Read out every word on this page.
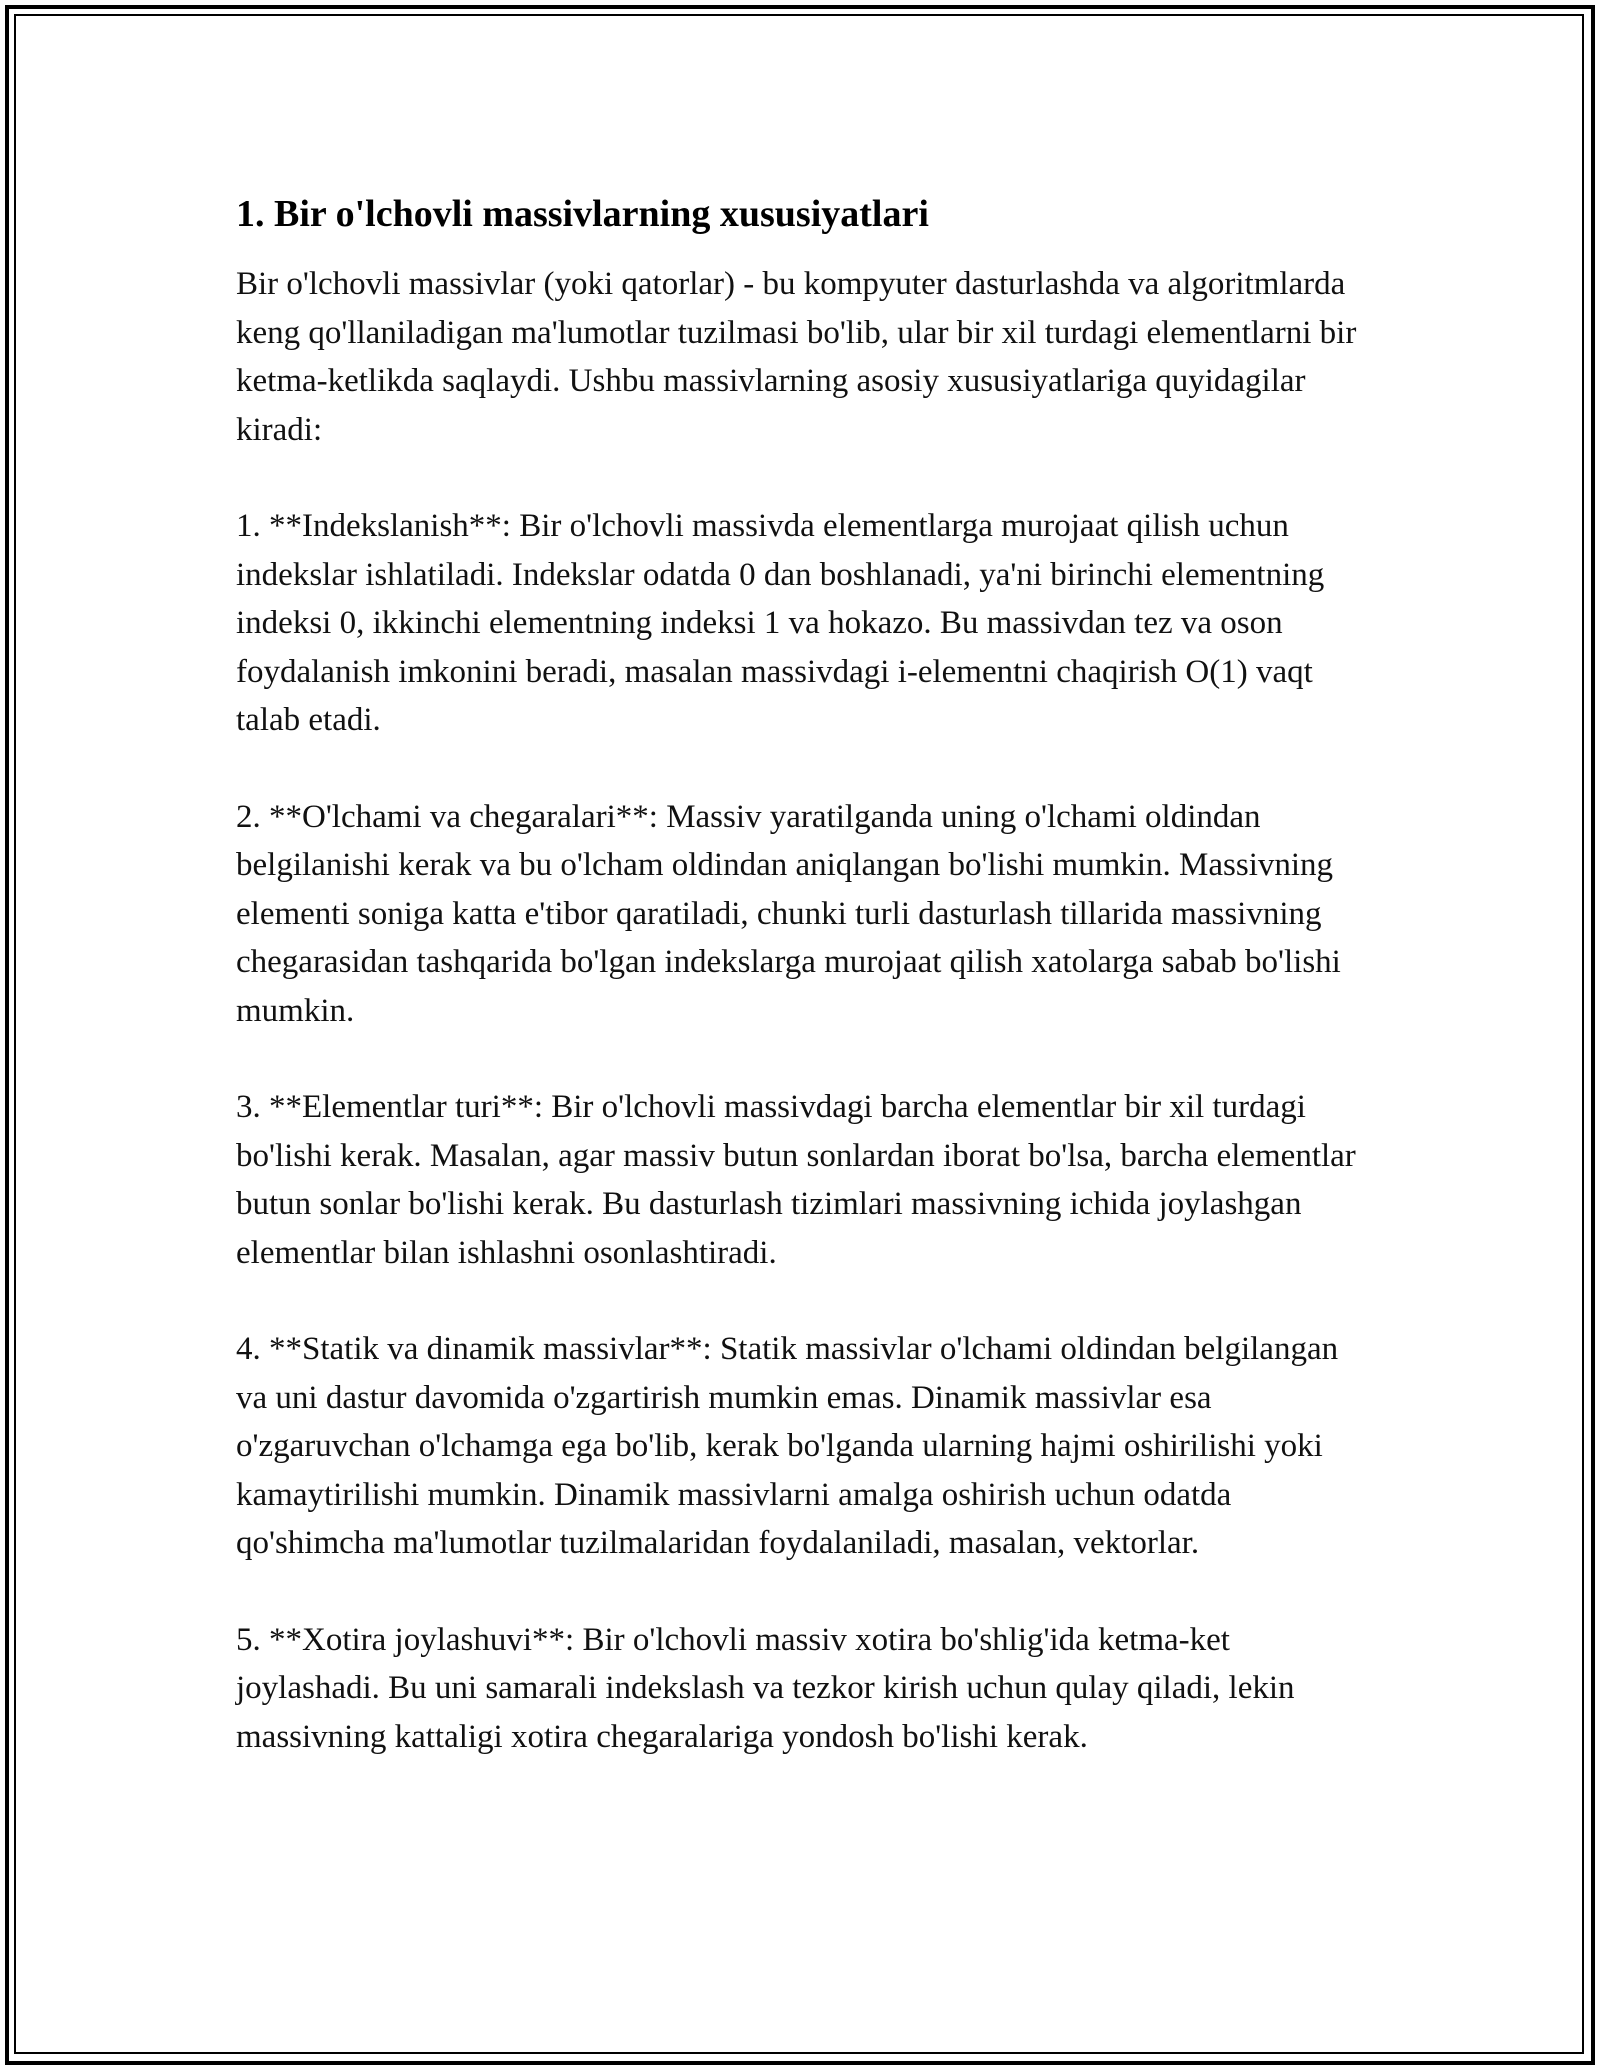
1. Bir o'lchovli massivlarning xususiyatlari

Bir o'lchovli massivlar (yoki qatorlar) - bu kompyuter dasturlashda va algoritmlarda keng qo'llaniladigan ma'lumotlar tuzilmasi bo'lib, ular bir xil turdagi elementlarni bir ketma-ketlikda saqlaydi. Ushbu massivlarning asosiy xususiyatlariga quyidagilar kiradi:

1. **Indekslanish**: Bir o'lchovli massivda elementlarga murojaat qilish uchun indekslar ishlatiladi. Indekslar odatda 0 dan boshlanadi, ya'ni birinchi elementning indeksi 0, ikkinchi elementning indeksi 1 va hokazo. Bu massivdan tez va oson foydalanish imkonini beradi, masalan massivdagi i-elementni chaqirish O(1) vaqt talab etadi.

2. **O'lchami va chegaralari**: Massiv yaratilganda uning o'lchami oldindan belgilanishi kerak va bu o'lcham oldindan aniqlangan bo'lishi mumkin. Massivning elementi soniga katta e'tibor qaratiladi, chunki turli dasturlash tillarida massivning chegarasidan tashqarida bo'lgan indekslarga murojaat qilish xatolarga sabab bo'lishi mumkin.

3. **Elementlar turi**: Bir o'lchovli massivdagi barcha elementlar bir xil turdagi bo'lishi kerak. Masalan, agar massiv butun sonlardan iborat bo'lsa, barcha elementlar butun sonlar bo'lishi kerak. Bu dasturlash tizimlari massivning ichida joylashgan elementlar bilan ishlashni osonlashtiradi.

4. **Statik va dinamik massivlar**: Statik massivlar o'lchami oldindan belgilangan va uni dastur davomida o'zgartirish mumkin emas. Dinamik massivlar esa o'zgaruvchan o'lchamga ega bo'lib, kerak bo'lganda ularning hajmi oshirilishi yoki kamaytirilishi mumkin. Dinamik massivlarni amalga oshirish uchun odatda qo'shimcha ma'lumotlar tuzilmalaridan foydalaniladi, masalan, vektorlar.

5. **Xotira joylashuvi**: Bir o'lchovli massiv xotira bo'shlig'ida ketma-ket joylashadi. Bu uni samarali indekslash va tezkor kirish uchun qulay qiladi, lekin massivning kattaligi xotira chegaralariga yondosh bo'lishi kerak.
